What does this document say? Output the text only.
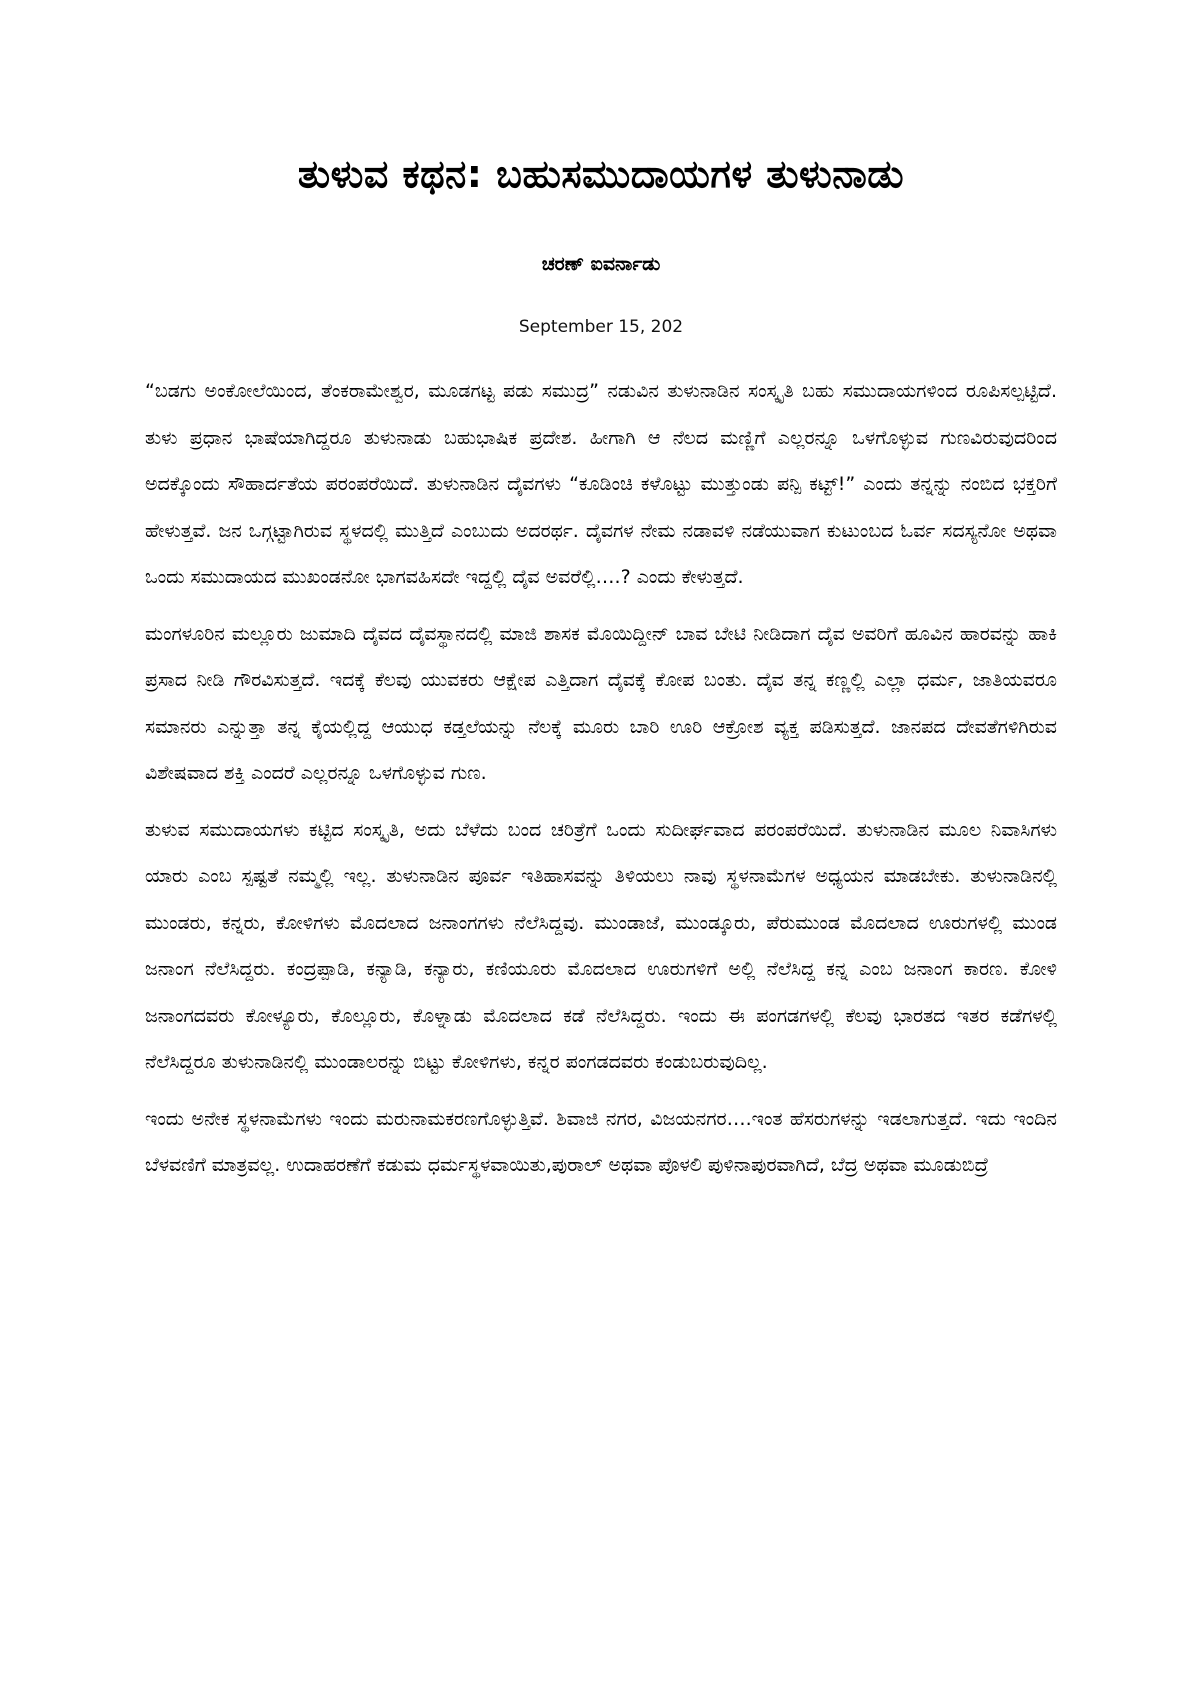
ತುಳುವ ಕಥನ: ಬಹುಸಮುದಾಯಗಳ ತುಳುನಾಡು
ಚರಣ್ ಐವರ್ನಾಡು
September 15, 202

“ಬಡಗು ಅಂಕೋಲೆಯಿಂದ, ತೆಂಕರಾಮೇಶ್ವರ, ಮೂಡಗಟ್ಟ ಪಡು ಸಮುದ್ರ” ನಡುವಿನ ತುಳುನಾಡಿನ ಸಂಸ್ಕೃತಿ ಬಹು ಸಮುದಾಯಗಳಿಂದ ರೂಪಿಸಲ್ಪಟ್ಟಿದೆ. ತುಳು ಪ್ರಧಾನ ಭಾಷೆಯಾಗಿದ್ದರೂ ತುಳುನಾಡು ಬಹುಭಾಷಿಕ ಪ್ರದೇಶ. ಹೀಗಾಗಿ ಆ ನೆಲದ ಮಣ್ಣಿಗೆ ಎಲ್ಲರನ್ನೂ ಒಳಗೊಳ್ಳುವ ಗುಣವಿರುವುದರಿಂದ ಅದಕ್ಕೊಂದು ಸೌಹಾರ್ದತೆಯ ಪರಂಪರೆಯಿದೆ. ತುಳುನಾಡಿನ ದೈವಗಳು “ಕೂಡಿಂಚಿ ಕಳೊಟ್ಟು ಮುತ್ತುಂಡು ಪನ್ಪಿ ಕಟ್ಟ್!” ಎಂದು ತನ್ನನ್ನು ನಂಬಿದ ಭಕ್ತರಿಗೆ ಹೇಳುತ್ತವೆ. ಜನ ಒಗ್ಗಟ್ಟಾಗಿರುವ ಸ್ಥಳದಲ್ಲಿ ಮುತ್ತಿದೆ ಎಂಬುದು ಅದರರ್ಥ. ದೈವಗಳ ನೇಮ ನಡಾವಳಿ ನಡೆಯುವಾಗ ಕುಟುಂಬದ ಓರ್ವ ಸದಸ್ಯನೋ ಅಥವಾ ಒಂದು ಸಮುದಾಯದ ಮುಖಂಡನೋ ಭಾಗವಹಿಸದೇ ಇದ್ದಲ್ಲಿ ದೈವ ಅವರೆಲ್ಲಿ….? ಎಂದು ಕೇಳುತ್ತದೆ.

ಮಂಗಳೂರಿನ ಮಲ್ಲೂರು ಜುಮಾದಿ ದೈವದ ದೈವಸ್ಥಾನದಲ್ಲಿ ಮಾಜಿ ಶಾಸಕ ಮೊಯಿದ್ದೀನ್ ಬಾವ ಬೇಟಿ ನೀಡಿದಾಗ ದೈವ ಅವರಿಗೆ ಹೂವಿನ ಹಾರವನ್ನು ಹಾಕಿ ಪ್ರಸಾದ ನೀಡಿ ಗೌರವಿಸುತ್ತದೆ. ಇದಕ್ಕೆ ಕೆಲವು ಯುವಕರು ಆಕ್ಷೇಪ ಎತ್ತಿದಾಗ ದೈವಕ್ಕೆ ಕೋಪ ಬಂತು. ದೈವ ತನ್ನ ಕಣ್ಣಲ್ಲಿ ಎಲ್ಲಾ ಧರ್ಮ, ಜಾತಿಯವರೂ ಸಮಾನರು ಎನ್ನುತ್ತಾ ತನ್ನ ಕೈಯಲ್ಲಿದ್ದ ಆಯುಧ ಕಡ್ತಲೆಯನ್ನು ನೆಲಕ್ಕೆ ಮೂರು ಬಾರಿ ಊರಿ ಆಕ್ರೋಶ ವ್ಯಕ್ತ ಪಡಿಸುತ್ತದೆ. ಜಾನಪದ ದೇವತೆಗಳಿಗಿರುವ ವಿಶೇಷವಾದ ಶಕ್ತಿ ಎಂದರೆ ಎಲ್ಲರನ್ನೂ ಒಳಗೊಳ್ಳುವ ಗುಣ.

ತುಳುವ ಸಮುದಾಯಗಳು ಕಟ್ಟಿದ ಸಂಸ್ಕೃತಿ, ಅದು ಬೆಳೆದು ಬಂದ ಚರಿತ್ರೆಗೆ ಒಂದು ಸುದೀರ್ಘವಾದ ಪರಂಪರೆಯಿದೆ. ತುಳುನಾಡಿನ ಮೂಲ ನಿವಾಸಿಗಳು ಯಾರು ಎಂಬ ಸ್ಪಷ್ಟತೆ ನಮ್ಮಲ್ಲಿ ಇಲ್ಲ. ತುಳುನಾಡಿನ ಪೂರ್ವ ಇತಿಹಾಸವನ್ನು ತಿಳಿಯಲು ನಾವು ಸ್ಥಳನಾಮೆಗಳ ಅಧ್ಯಯನ ಮಾಡಬೇಕು. ತುಳುನಾಡಿನಲ್ಲಿ ಮುಂಡರು, ಕನ್ನರು, ಕೋಳಿಗಳು ಮೊದಲಾದ ಜನಾಂಗಗಳು ನೆಲೆಸಿದ್ದವು. ಮುಂಡಾಜೆ, ಮುಂಡ್ಕೂರು, ಪೆರುಮುಂಡ ಮೊದಲಾದ ಊರುಗಳಲ್ಲಿ ಮುಂಡ ಜನಾಂಗ ನೆಲೆಸಿದ್ದರು. ಕಂದ್ರಪ್ಪಾಡಿ, ಕನ್ಯಾಡಿ, ಕನ್ಯಾರು, ಕಣಿಯೂರು ಮೊದಲಾದ ಊರುಗಳಿಗೆ ಅಲ್ಲಿ ನೆಲೆಸಿದ್ದ ಕನ್ನ ಎಂಬ ಜನಾಂಗ ಕಾರಣ. ಕೋಳಿ ಜನಾಂಗದವರು ಕೋಳ್ಯೂರು, ಕೊಲ್ಲೂರು, ಕೊಳ್ನಾಡು ಮೊದಲಾದ ಕಡೆ ನೆಲೆಸಿದ್ದರು. ಇಂದು ಈ ಪಂಗಡಗಳಲ್ಲಿ ಕೆಲವು ಭಾರತದ ಇತರ ಕಡೆಗಳಲ್ಲಿ ನೆಲೆಸಿದ್ದರೂ ತುಳುನಾಡಿನಲ್ಲಿ ಮುಂಡಾಲರನ್ನು ಬಿಟ್ಟು ಕೋಳಿಗಳು, ಕನ್ನರ ಪಂಗಡದವರು ಕಂಡುಬರುವುದಿಲ್ಲ.

ಇಂದು ಅನೇಕ ಸ್ಥಳನಾಮೆಗಳು ಇಂದು ಮರುನಾಮಕರಣಗೊಳ್ಳುತ್ತಿವೆ. ಶಿವಾಜಿ ನಗರ, ವಿಜಯನಗರ….ಇಂತ ಹೆಸರುಗಳನ್ನು ಇಡಲಾಗುತ್ತದೆ. ಇದು ಇಂದಿನ ಬೆಳವಣಿಗೆ ಮಾತ್ರವಲ್ಲ. ಉದಾಹರಣೆಗೆ ಕಡುಮ ಧರ್ಮಸ್ಥಳವಾಯಿತು,ಪುರಾಲ್ ಅಥವಾ ಪೊಳಲಿ ಪುಳಿನಾಪುರವಾಗಿದೆ, ಬೆದ್ರ ಅಥವಾ ಮೂಡುಬಿದ್ರೆ
